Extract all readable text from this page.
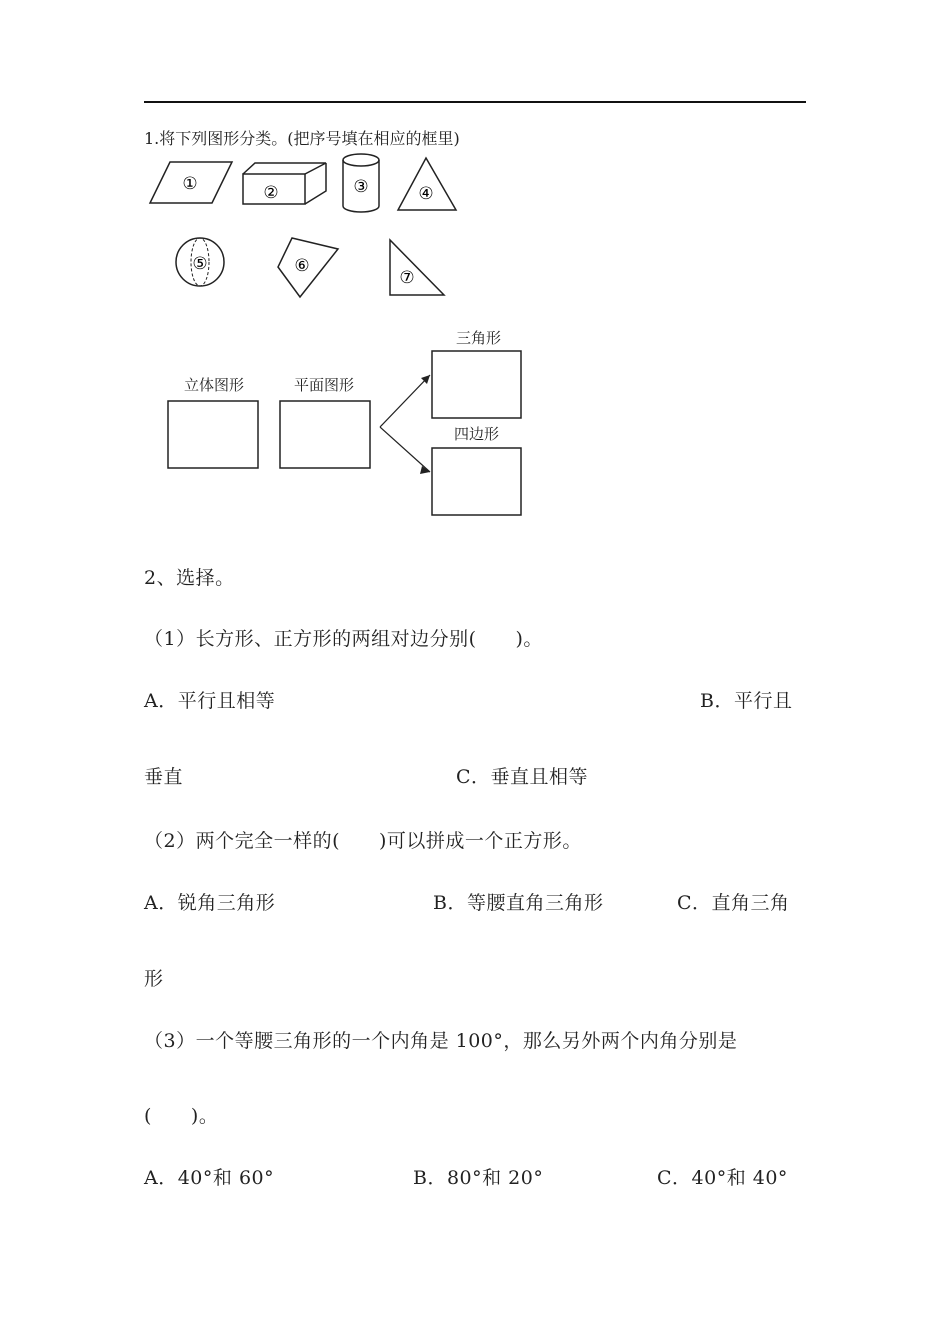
1.将下列图形分类。(把序号填在相应的框里)
①	②	③	④
⑤	⑥
⑦
立体图形	平面图形
三角形
四边形
2、选择。
（1）长方形、正方形的两组对边分别(　　)。
A．平行且相等	B．平行且
垂直	C．垂直且相等
（2）两个完全一样的(　　)可以拼成一个正方形。
A．锐角三角形	B．等腰直角三角形	C．直角三角
形
（3）一个等腰三角形的一个内角是 100°，那么另外两个内角分别是
(　　)。
A．40°和 60°	B．80°和 20°	C．40°和 40°
